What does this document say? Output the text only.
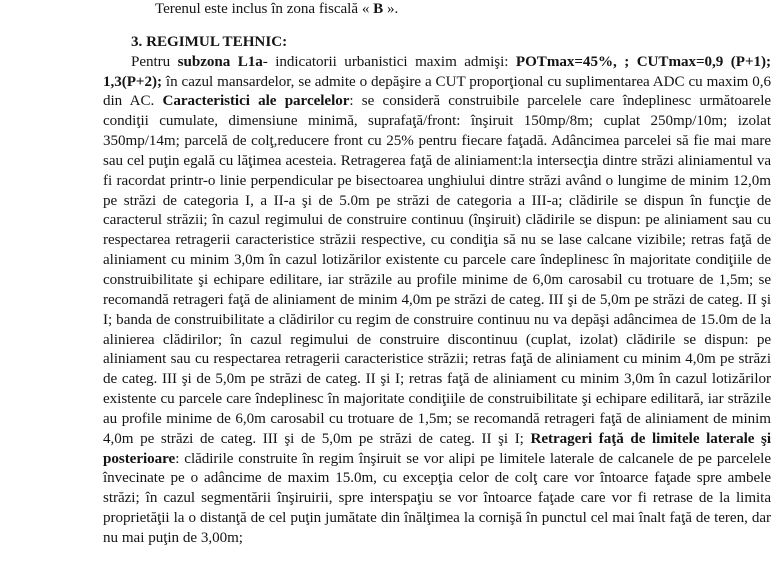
Terenul este inclus în zona fiscală « B ».

3. REGIMUL TEHNIC:

Pentru subzona L1a- indicatorii urbanistici maxim admişi: POTmax=45%, ; CUTmax=0,9 (P+1); 1,3(P+2); în cazul mansardelor, se admite o depăşire a CUT proporţional cu suplimentarea ADC cu maxim 0,6 din AC. Caracteristici ale parcelelor: se consideră construibile parcelele care îndeplinesc următoarele condiţii cumulate, dimensiune minimă, suprafaţă/front: înşiruit 150mp/8m; cuplat 250mp/10m; izolat 350mp/14m; parcelă de colţ,reducere front cu 25% pentru fiecare faţadă. Adâncimea parcelei să fie mai mare sau cel puţin egală cu lăţimea acesteia. Retragerea faţă de aliniament:la intersecţia dintre străzi aliniamentul va fi racordat printr-o linie perpendicular pe bisectoarea unghiului dintre străzi având o lungime de minim 12,0m pe străzi de categoria I, a II-a şi de 5.0m pe străzi de categoria a III-a; clădirile se dispun în funcţie de caracterul străzii; în cazul regimului de construire continuu (înşiruit) clădirile se dispun: pe aliniament sau cu respectarea retragerii caracteristice străzii respective, cu condiţia să nu se lase calcane vizibile; retras faţă de aliniament cu minim 3,0m în cazul lotizărilor existente cu parcele care îndeplinesc în majoritate condiţiile de construibilitate şi echipare edilitare, iar străzile au profile minime de 6,0m carosabil cu trotuare de 1,5m; se recomandă retrageri faţă de aliniament de minim 4,0m pe străzi de categ. III şi de 5,0m pe străzi de categ. II şi I; banda de construibilitate a clădirilor cu regim de construire continuu nu va depăşi adâncimea de 15.0m de la alinierea clădirilor; în cazul regimului de construire discontinuu (cuplat, izolat) clădirile se dispun: pe aliniament sau cu respectarea retragerii caracteristice străzii; retras faţă de aliniament cu minim 4,0m pe străzi de categ. III şi de 5,0m pe străzi de categ. II şi I; retras faţă de aliniament cu minim 3,0m în cazul lotizărilor existente cu parcele care îndeplinesc în majoritate condiţiile de construibilitate şi echipare edilitară, iar străzile au profile minime de 6,0m carosabil cu trotuare de 1,5m; se recomandă retrageri faţă de aliniament de minim 4,0m pe străzi de categ. III şi de 5,0m pe străzi de categ. II şi I; Retrageri faţă de limitele laterale şi posterioare: clădirile construite în regim înşiruit se vor alipi pe limitele laterale de calcanele de pe parcelele învecinate pe o adâncime de maxim 15.0m, cu excepţia celor de colţ care vor întoarce faţade spre ambele străzi; în cazul segmentării înşiruirii, spre interspaţiu se vor întoarce faţade care vor fi retrase de la limita proprietăţii la o distanţă de cel puţin jumătate din înălţimea la cornişă în punctul cel mai înalt faţă de teren, dar nu mai puţin de 3,00m;
